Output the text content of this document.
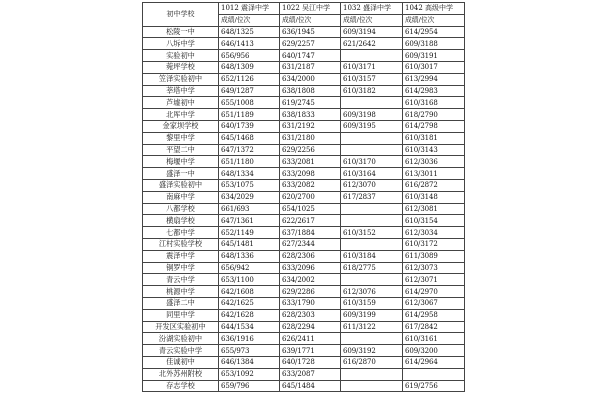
初中学校	1012 震泽中学	1022 吴江中学	1032 盛泽中学	1042 高级中学
	成绩/位次	成绩/位次	成绩/位次	成绩/位次
松陵一中	648/1325	636/1945	609/3194	614/2954
八坼中学	646/1413	629/2257	621/2642	609/3188
实验初中	656/956	640/1747		609/3191
菀坪学校	648/1309	631/2187	610/3171	610/3017
笠泽实验初中	652/1126	634/2000	610/3157	613/2994
莘塔中学	649/1287	638/1808	610/3182	614/2983
芦墟初中	655/1008	619/2745		610/3168
北厍中学	651/1189	638/1833	609/3198	618/2790
金家坝学校	640/1739	631/2192	609/3195	614/2798
黎里中学	645/1468	631/2180		610/3181
平望二中	647/1372	629/2256		610/3143
梅堰中学	651/1180	633/2081	610/3170	612/3036
盛泽一中	648/1334	633/2098	610/3164	613/3011
盛泽实验初中	653/1075	633/2082	612/3070	616/2872
南麻中学	634/2029	620/2700	617/2837	610/3148
八都学校	661/693	654/1025		612/3081
横扇学校	647/1361	622/2617		610/3154
七都中学	652/1149	637/1884	610/3152	612/3034
江村实验学校	645/1481	627/2344		610/3172
震泽中学	648/1336	628/2306	610/3184	611/3089
铜罗中学	656/942	633/2096	618/2775	612/3073
青云中学	653/1100	634/2002		612/3071
桃源中学	642/1608	629/2286	612/3076	614/2970
盛泽二中	642/1625	633/1790	610/3159	612/3067
同里中学	642/1628	628/2303	609/3199	614/2958
开发区实验初中	644/1534	628/2294	611/3122	617/2842
汾湖实验初中	636/1916	626/2411		610/3161
青云实验中学	655/973	639/1771	609/3192	609/3200
佳诚初中	646/1384	640/1728	616/2870	614/2964
北外苏州附校	653/1092	633/2087		
存志学校	659/796	645/1484		619/2756
